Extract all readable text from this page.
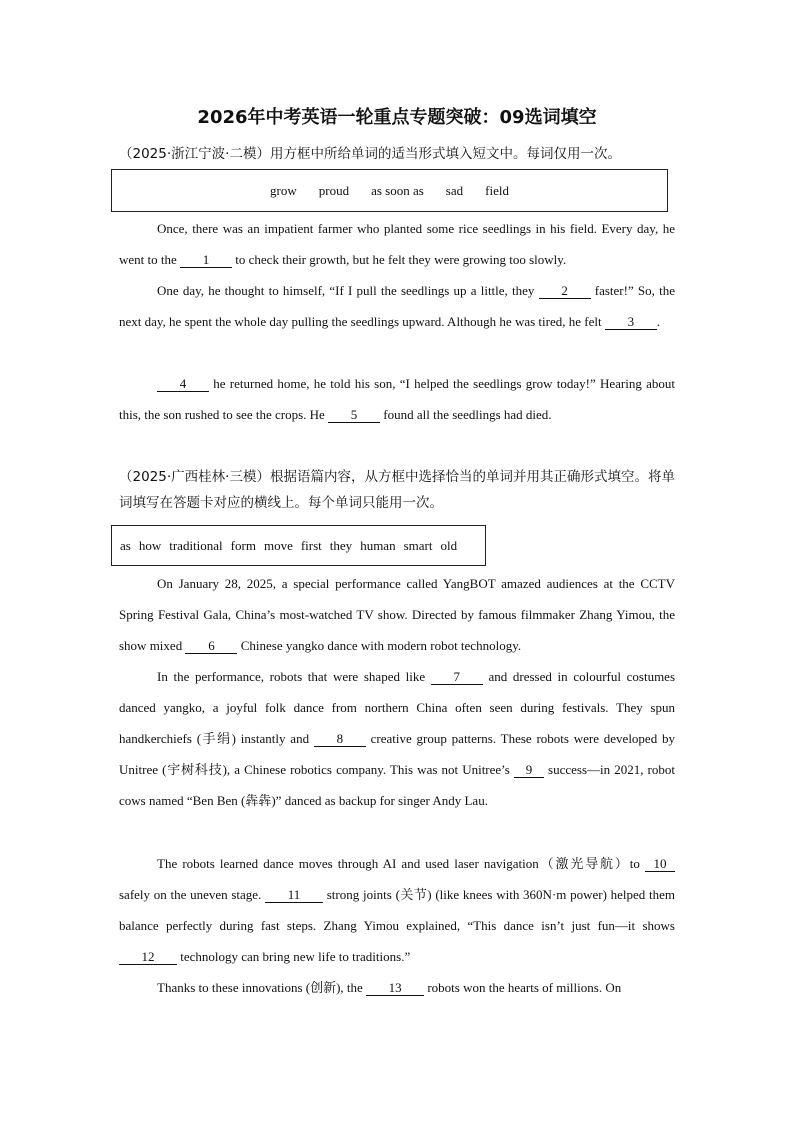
2026年中考英语一轮重点专题突破：09选词填空
（2025·浙江宁波·二模）用方框中所给单词的适当形式填入短文中。每词仅用一次。
grow proud as soon as sad field

Once, there was an impatient farmer who planted some rice seedlings in his field. Every day, he went to the 1 to check their growth, but he felt they were growing too slowly.

One day, he thought to himself, “If I pull the seedlings up a little, they 2 faster!” So, the next day, he spent the whole day pulling the seedlings upward. Although he was tired, he felt 3 .

4 he returned home, he told his son, “I helped the seedlings grow today!” Hearing about this, the son rushed to see the crops. He 5 found all the seedlings had died.

（2025·广西桂林·三模）根据语篇内容，从方框中选择恰当的单词并用其正确形式填空。将单词填写在答题卡对应的横线上。每个单词只能用一次。
as how traditional form move first they human smart old

On January 28, 2025, a special performance called YangBOT amazed audiences at the CCTV Spring Festival Gala, China’s most-watched TV show. Directed by famous filmmaker Zhang Yimou, the show mixed 6 Chinese yangko dance with modern robot technology.

In the performance, robots that were shaped like 7 and dressed in colourful costumes danced yangko, a joyful folk dance from northern China often seen during festivals. They spun handkerchiefs (手绢) instantly and 8 creative group patterns. These robots were developed by Unitree (宇树科技), a Chinese robotics company. This was not Unitree’s 9 success—in 2021, robot cows named “Ben Ben (犇犇)” danced as backup for singer Andy Lau.

The robots learned dance moves through AI and used laser navigation（激光导航）to 10 safely on the uneven stage. 11 strong joints (关节) (like knees with 360N·m power) helped them balance perfectly during fast steps. Zhang Yimou explained, “This dance isn’t just fun—it shows 12 technology can bring new life to traditions.”

Thanks to these innovations (创新), the 13 robots won the hearts of millions. On
